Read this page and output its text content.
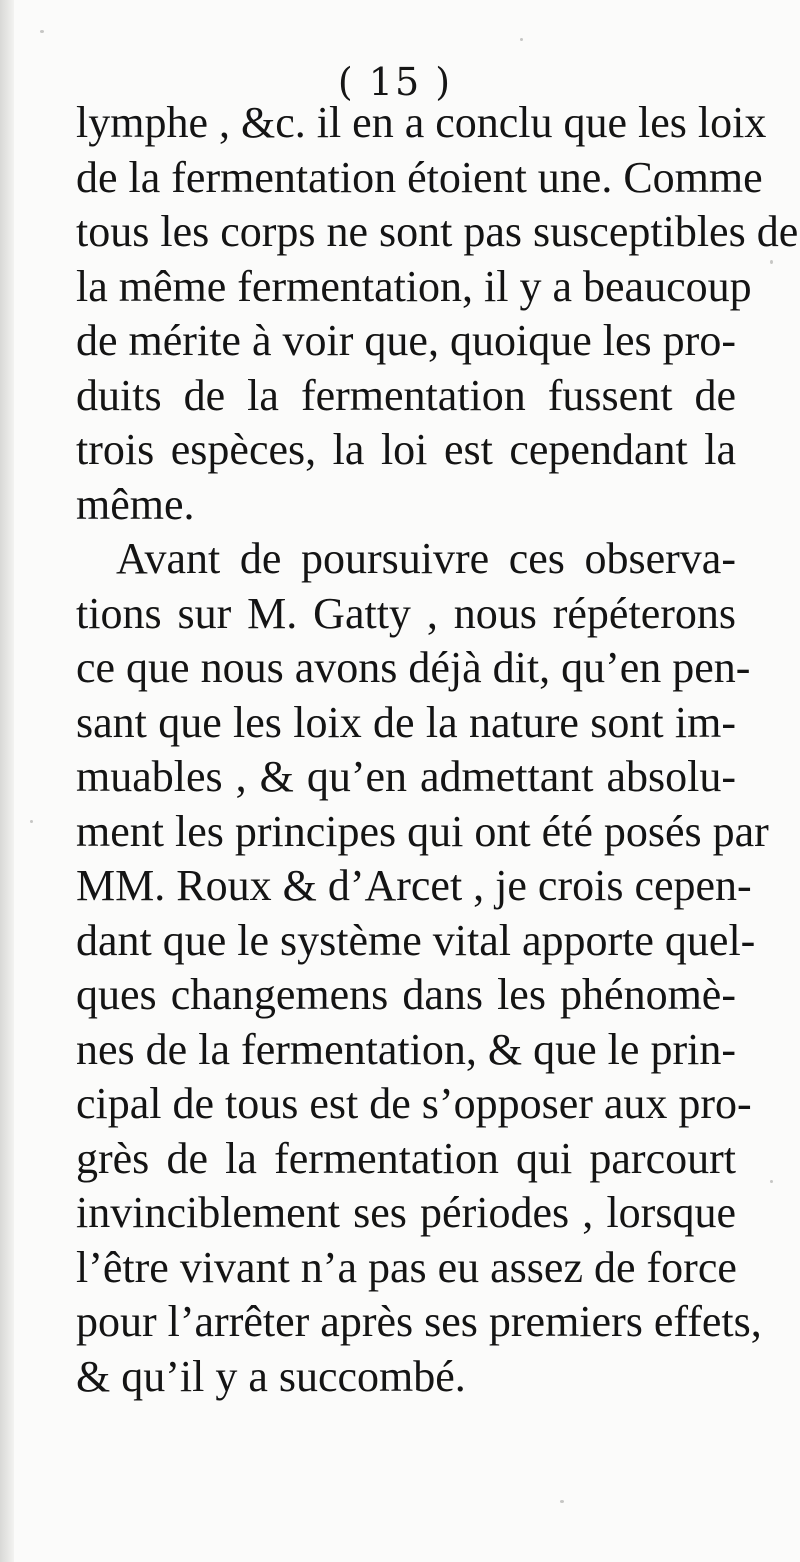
( 15 )
lymphe , &c. il en a conclu que les loix
de la fermentation étoient une. Comme
tous les corps ne sont pas susceptibles de
la même fermentation, il y a beaucoup
de mérite à voir que, quoique les pro-
duits de la fermentation fussent de
trois espèces, la loi est cependant la
même.
Avant de poursuivre ces observa-
tions sur M. Gatty , nous répéterons
ce que nous avons déjà dit, qu’en pen-
sant que les loix de la nature sont im-
muables , & qu’en admettant absolu-
ment les principes qui ont été posés par
MM. Roux & d’Arcet , je crois cepen-
dant que le système vital apporte quel-
ques changemens dans les phénomè-
nes de la fermentation, & que le prin-
cipal de tous est de s’opposer aux pro-
grès de la fermentation qui parcourt
invinciblement ses périodes , lorsque
l’être vivant n’a pas eu assez de force
pour l’arrêter après ses premiers effets,
& qu’il y a succombé.
